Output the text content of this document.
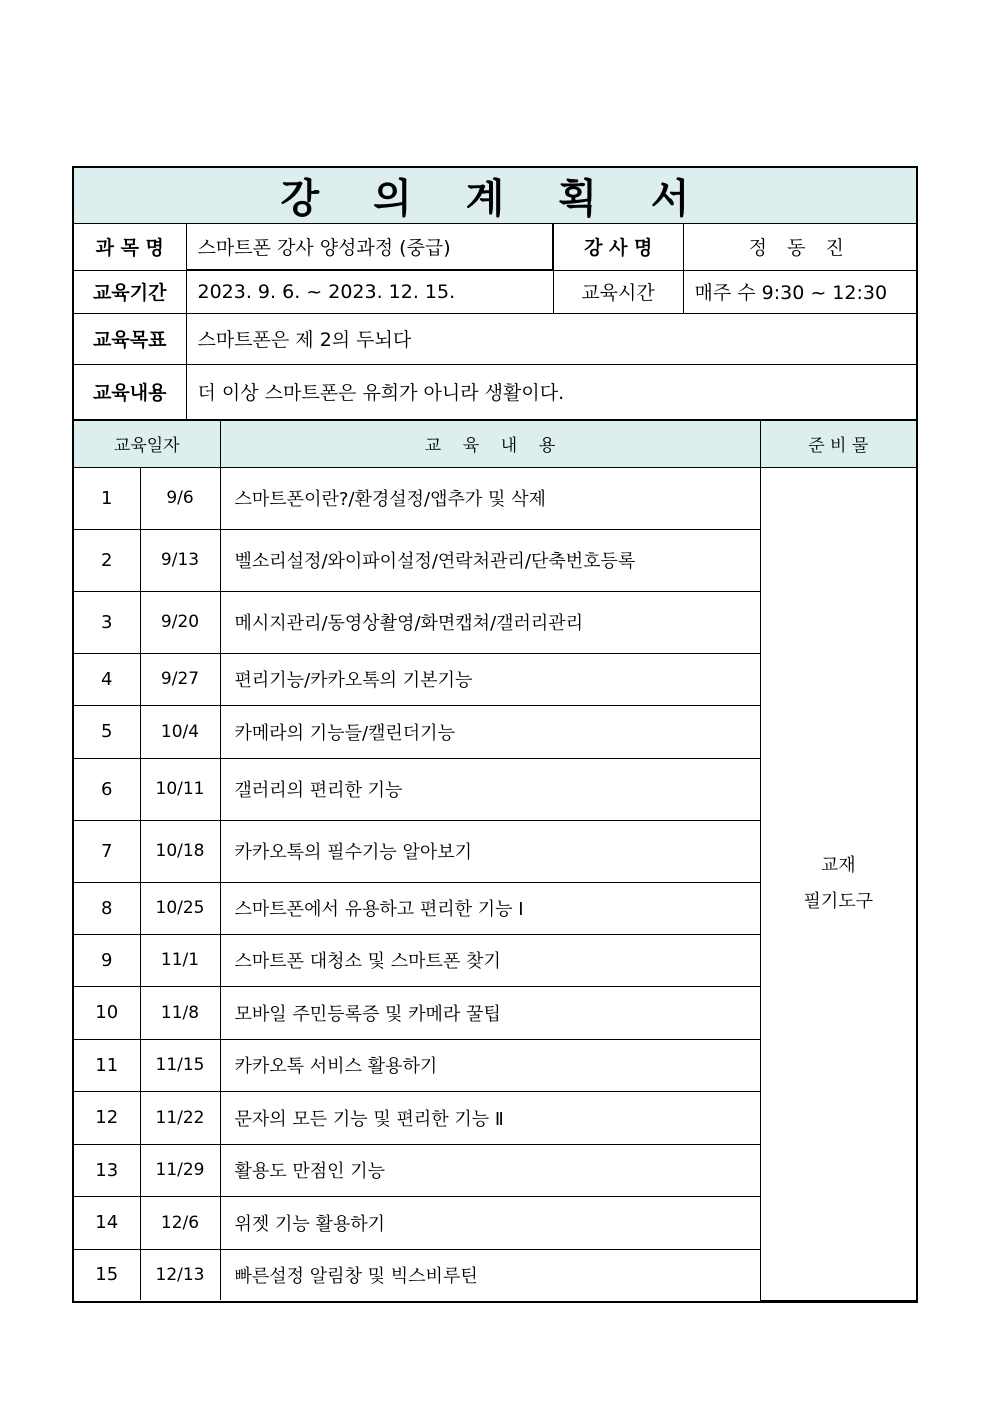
강 의 계 획 서
과 목 명	스마트폰 강사 양성과정 (중급)	강 사 명	정 동 진
교육기간	2023. 9. 6. ~ 2023. 12. 15.	교육시간	매주 수 9:30 ~ 12:30
교육목표	스마트폰은 제 2의 두뇌다		
교육내용	더 이상 스마트폰은 유희가 아니라 생활이다.		
교육일자		교    육    내    용	준 비 물
1	9/6	스마트폰이란?/환경설정/앱추가 및 삭제	교재
필기도구

2	9/13	벨소리설정/와이파이설정/연락처관리/단축번호등록	
3	9/20	메시지관리/동영상촬영/화면캡쳐/갤러리관리	
4	9/27	편리기능/카카오톡의 기본기능	
5	10/4	카메라의 기능들/캘린더기능	
6	10/11	갤러리의 편리한 기능	
7	10/18	카카오톡의 필수기능 알아보기	
8	10/25	스마트폰에서 유용하고 편리한 기능 Ⅰ	
9	11/1	스마트폰 대청소 및 스마트폰 찾기	
10	11/8	모바일 주민등록증 및 카메라 꿀팁	
11	11/15	카카오톡 서비스 활용하기	
12	11/22	문자의 모든 기능 및 편리한 기능 Ⅱ	
13	11/29	활용도 만점인 기능	
14	12/6	위젯 기능 활용하기	
15	12/13	빠른설정 알림창 및 빅스비루틴	
